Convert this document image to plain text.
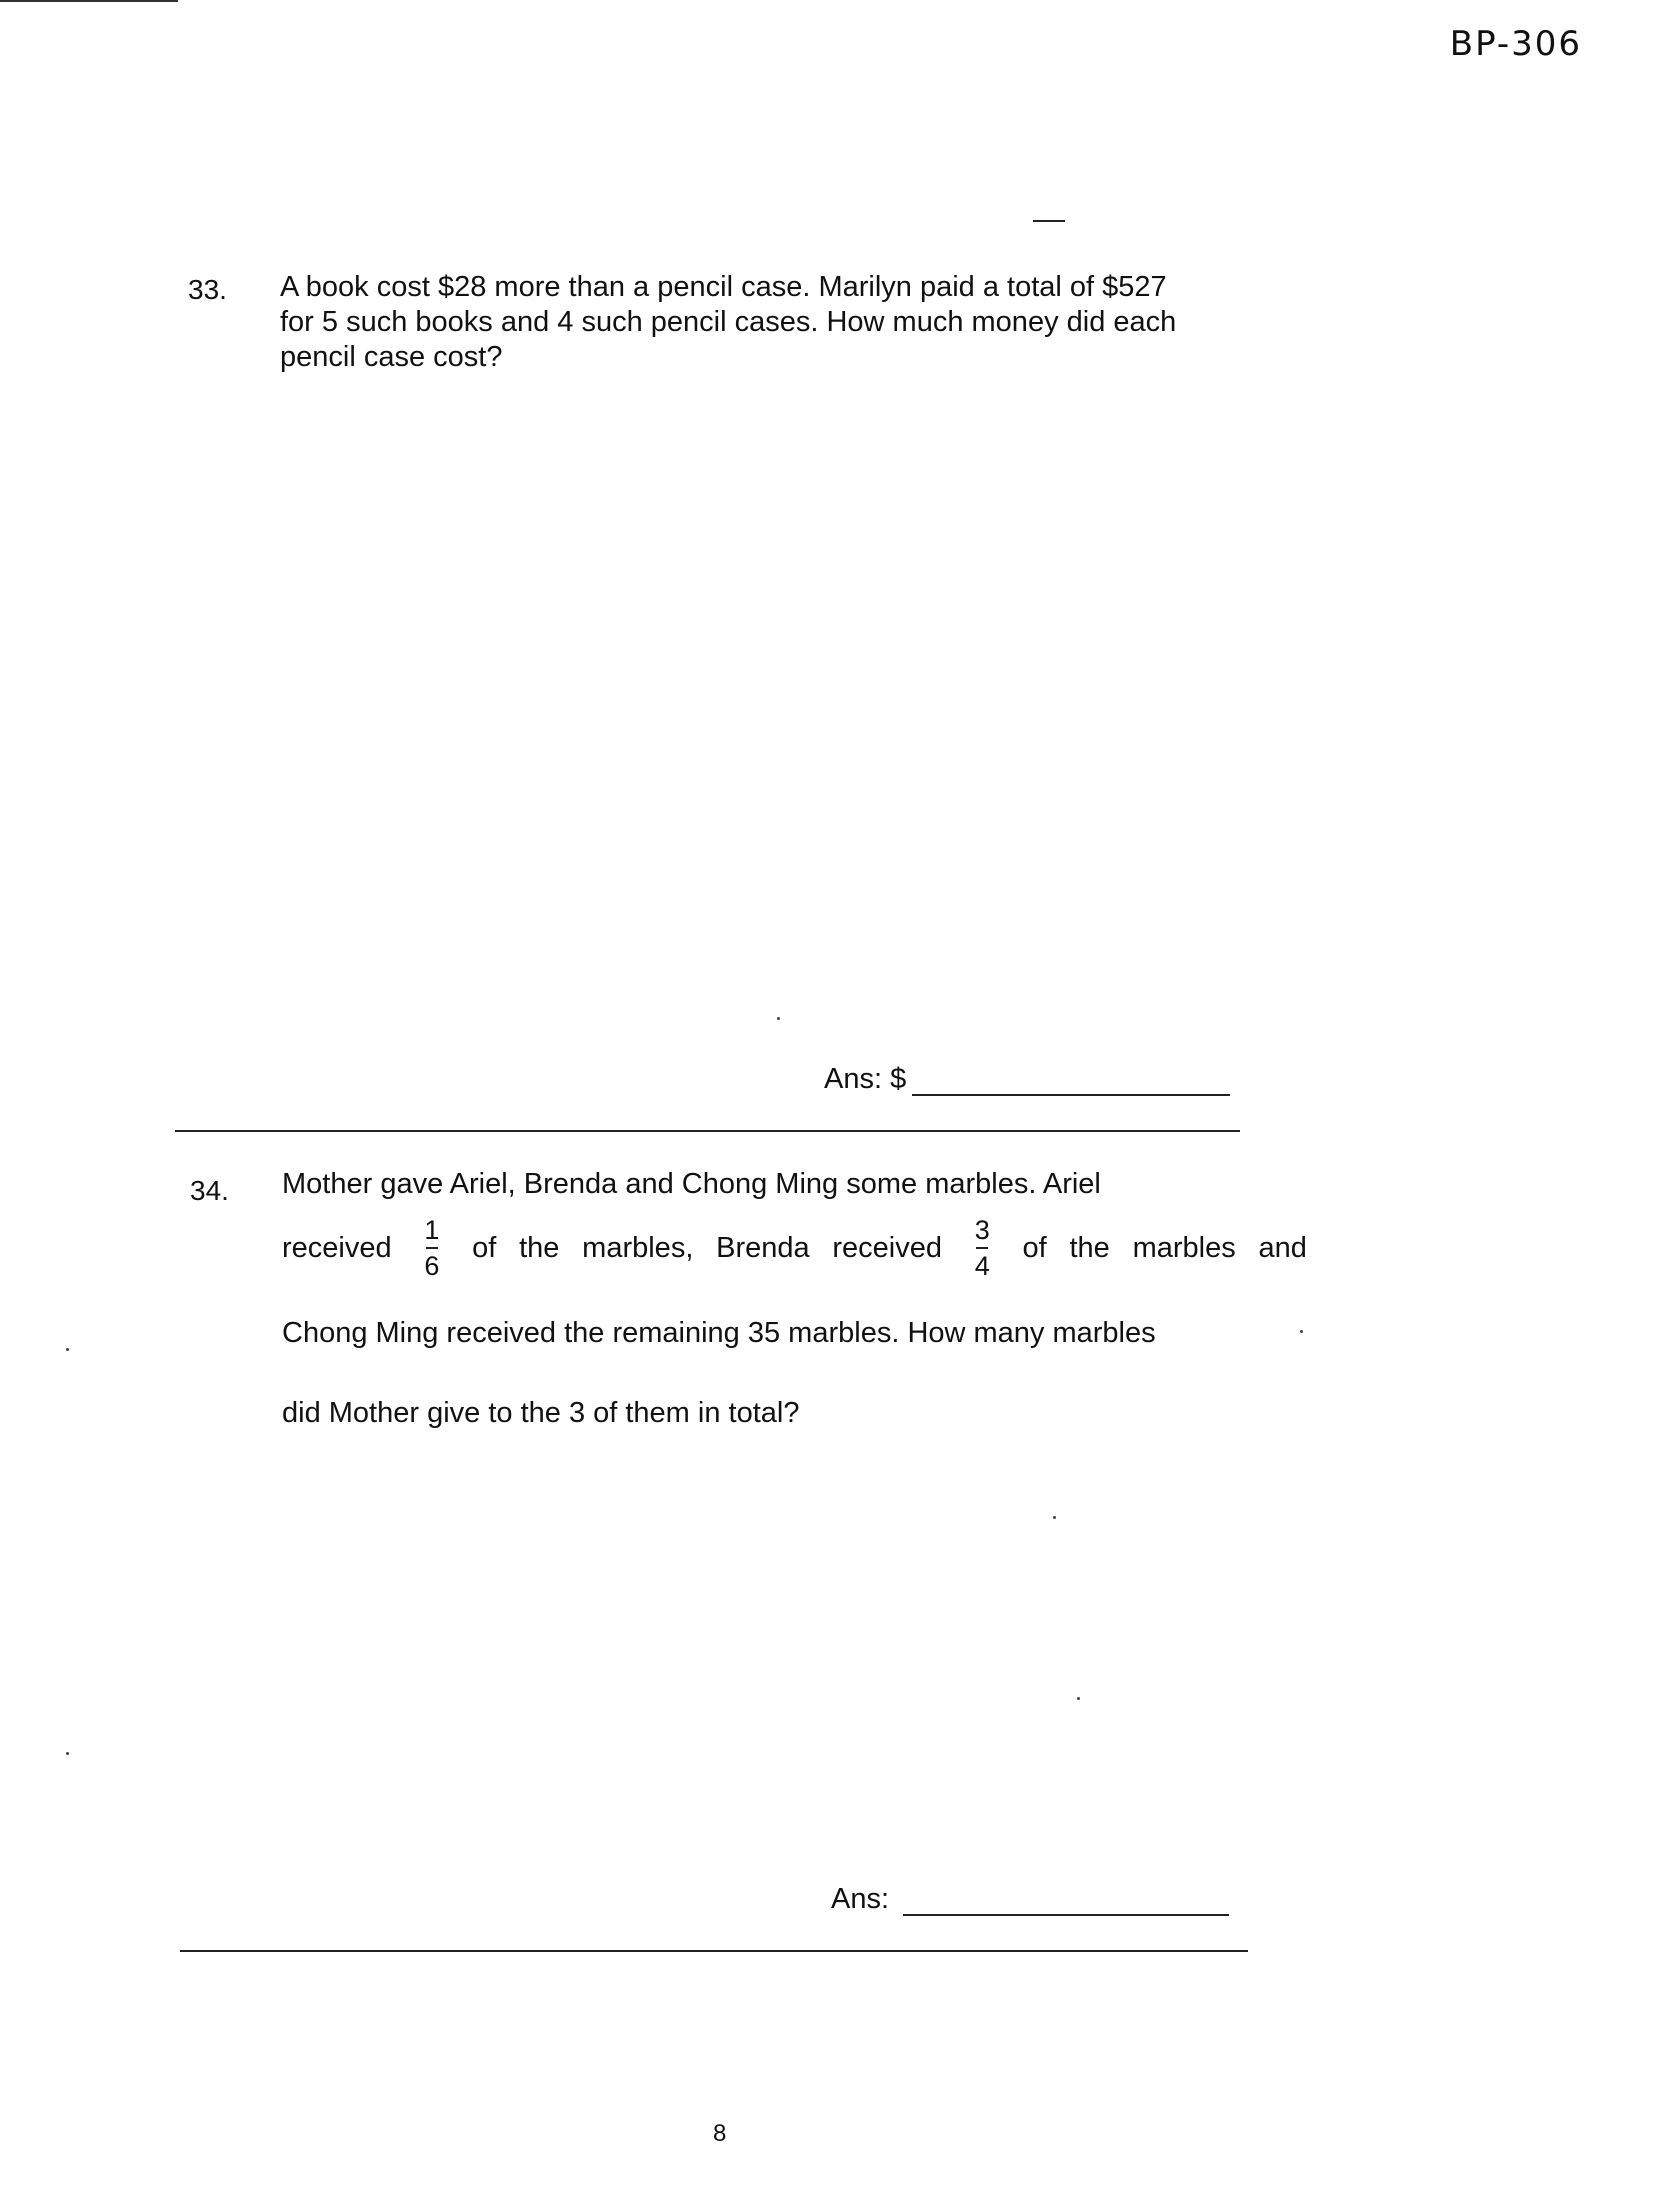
BP-306
33. A book cost $28 more than a pencil case. Marilyn paid a total of $527
for 5 such books and 4 such pencil cases. How much money did each
pencil case cost?
Ans: $
34. Mother gave Ariel, Brenda and Chong Ming some marbles. Ariel
received $\frac{1}{6}$ of the marbles, Brenda received $\frac{3}{4}$ of the marbles and
Chong Ming received the remaining 35 marbles. How many marbles
did Mother give to the 3 of them in total?
Ans:
8
